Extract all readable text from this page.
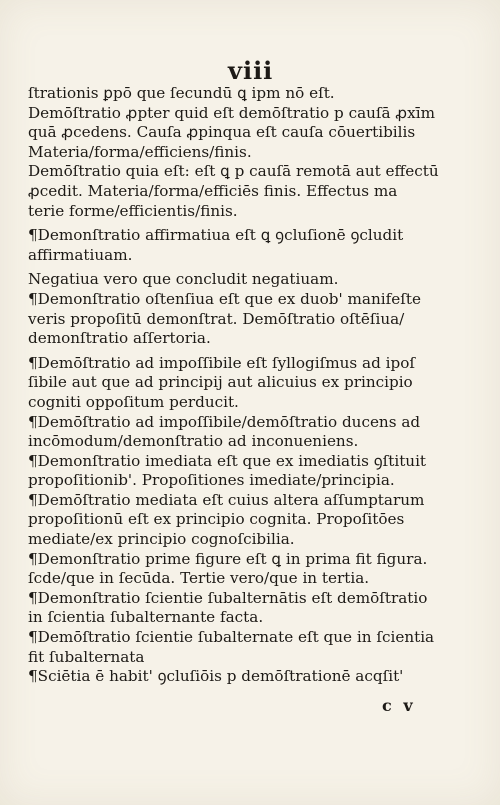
viii
ſtrationis ꝑpō que ſecundū ꝗ ipm nō eſt.
Demōſtratio ꝓpter quid eſt demōſtratio p cauſā ꝓxīm
quā ꝓcedens. Cauſa ꝓpinqua eſt cauſa cōuertibilis
Materia/forma/efficiens/finis.
Demōſtratio quia eſt: eſt ꝗ p cauſā remotā aut effectū
ꝓcedit. Materia/forma/efficiēs finis. Effectus ma
terie forme/efficientis/finis.
¶Demonſtratio affirmatiua eſt ꝗ ꝯcluſionē ꝯcludit
affirmatiuam.
Negatiua vero que concludit negatiuam.
¶Demonſtratio oſtenſiua eſt que ex duob' manifeſte
veris propoſitū demonſtrat. Demōſtratio oſtēſiua/
demonſtratio aſſertoria.
¶Demōſtratio ad impoſſibile eſt ſyllogiſmus ad ipoſ
ſibile aut que ad principij aut alicuius ex principio
cogniti oppoſitum perducit.
¶Demōſtratio ad impoſſibile/demōſtratio ducens ad
incōmodum/demonſtratio ad inconueniens.
¶Demonſtratio imediata eſt que ex imediatis ꝯſtituit
propoſitionib'. Propoſitiones imediate/principia.
¶Demōſtratio mediata eſt cuius altera aſſumptarum
propoſitionū eſt ex principio cognita. Propoſitōes
mediate/ex principio cognoſcibilia.
¶Demonſtratio prime figure eſt ꝗ in prima fit figura.
ſcde/que in ſecūda. Tertie vero/que in tertia.
¶Demonſtratio ſcientie ſubalternātis eſt demōſtratio
in ſcientia ſubalternante facta.
¶Demōſtratio ſcientie ſubalternate eſt que in ſcientia
fit ſubalternata
¶Sciētia ē habit' ꝯcluſiōis p demōſtrationē acqſit'
c v
